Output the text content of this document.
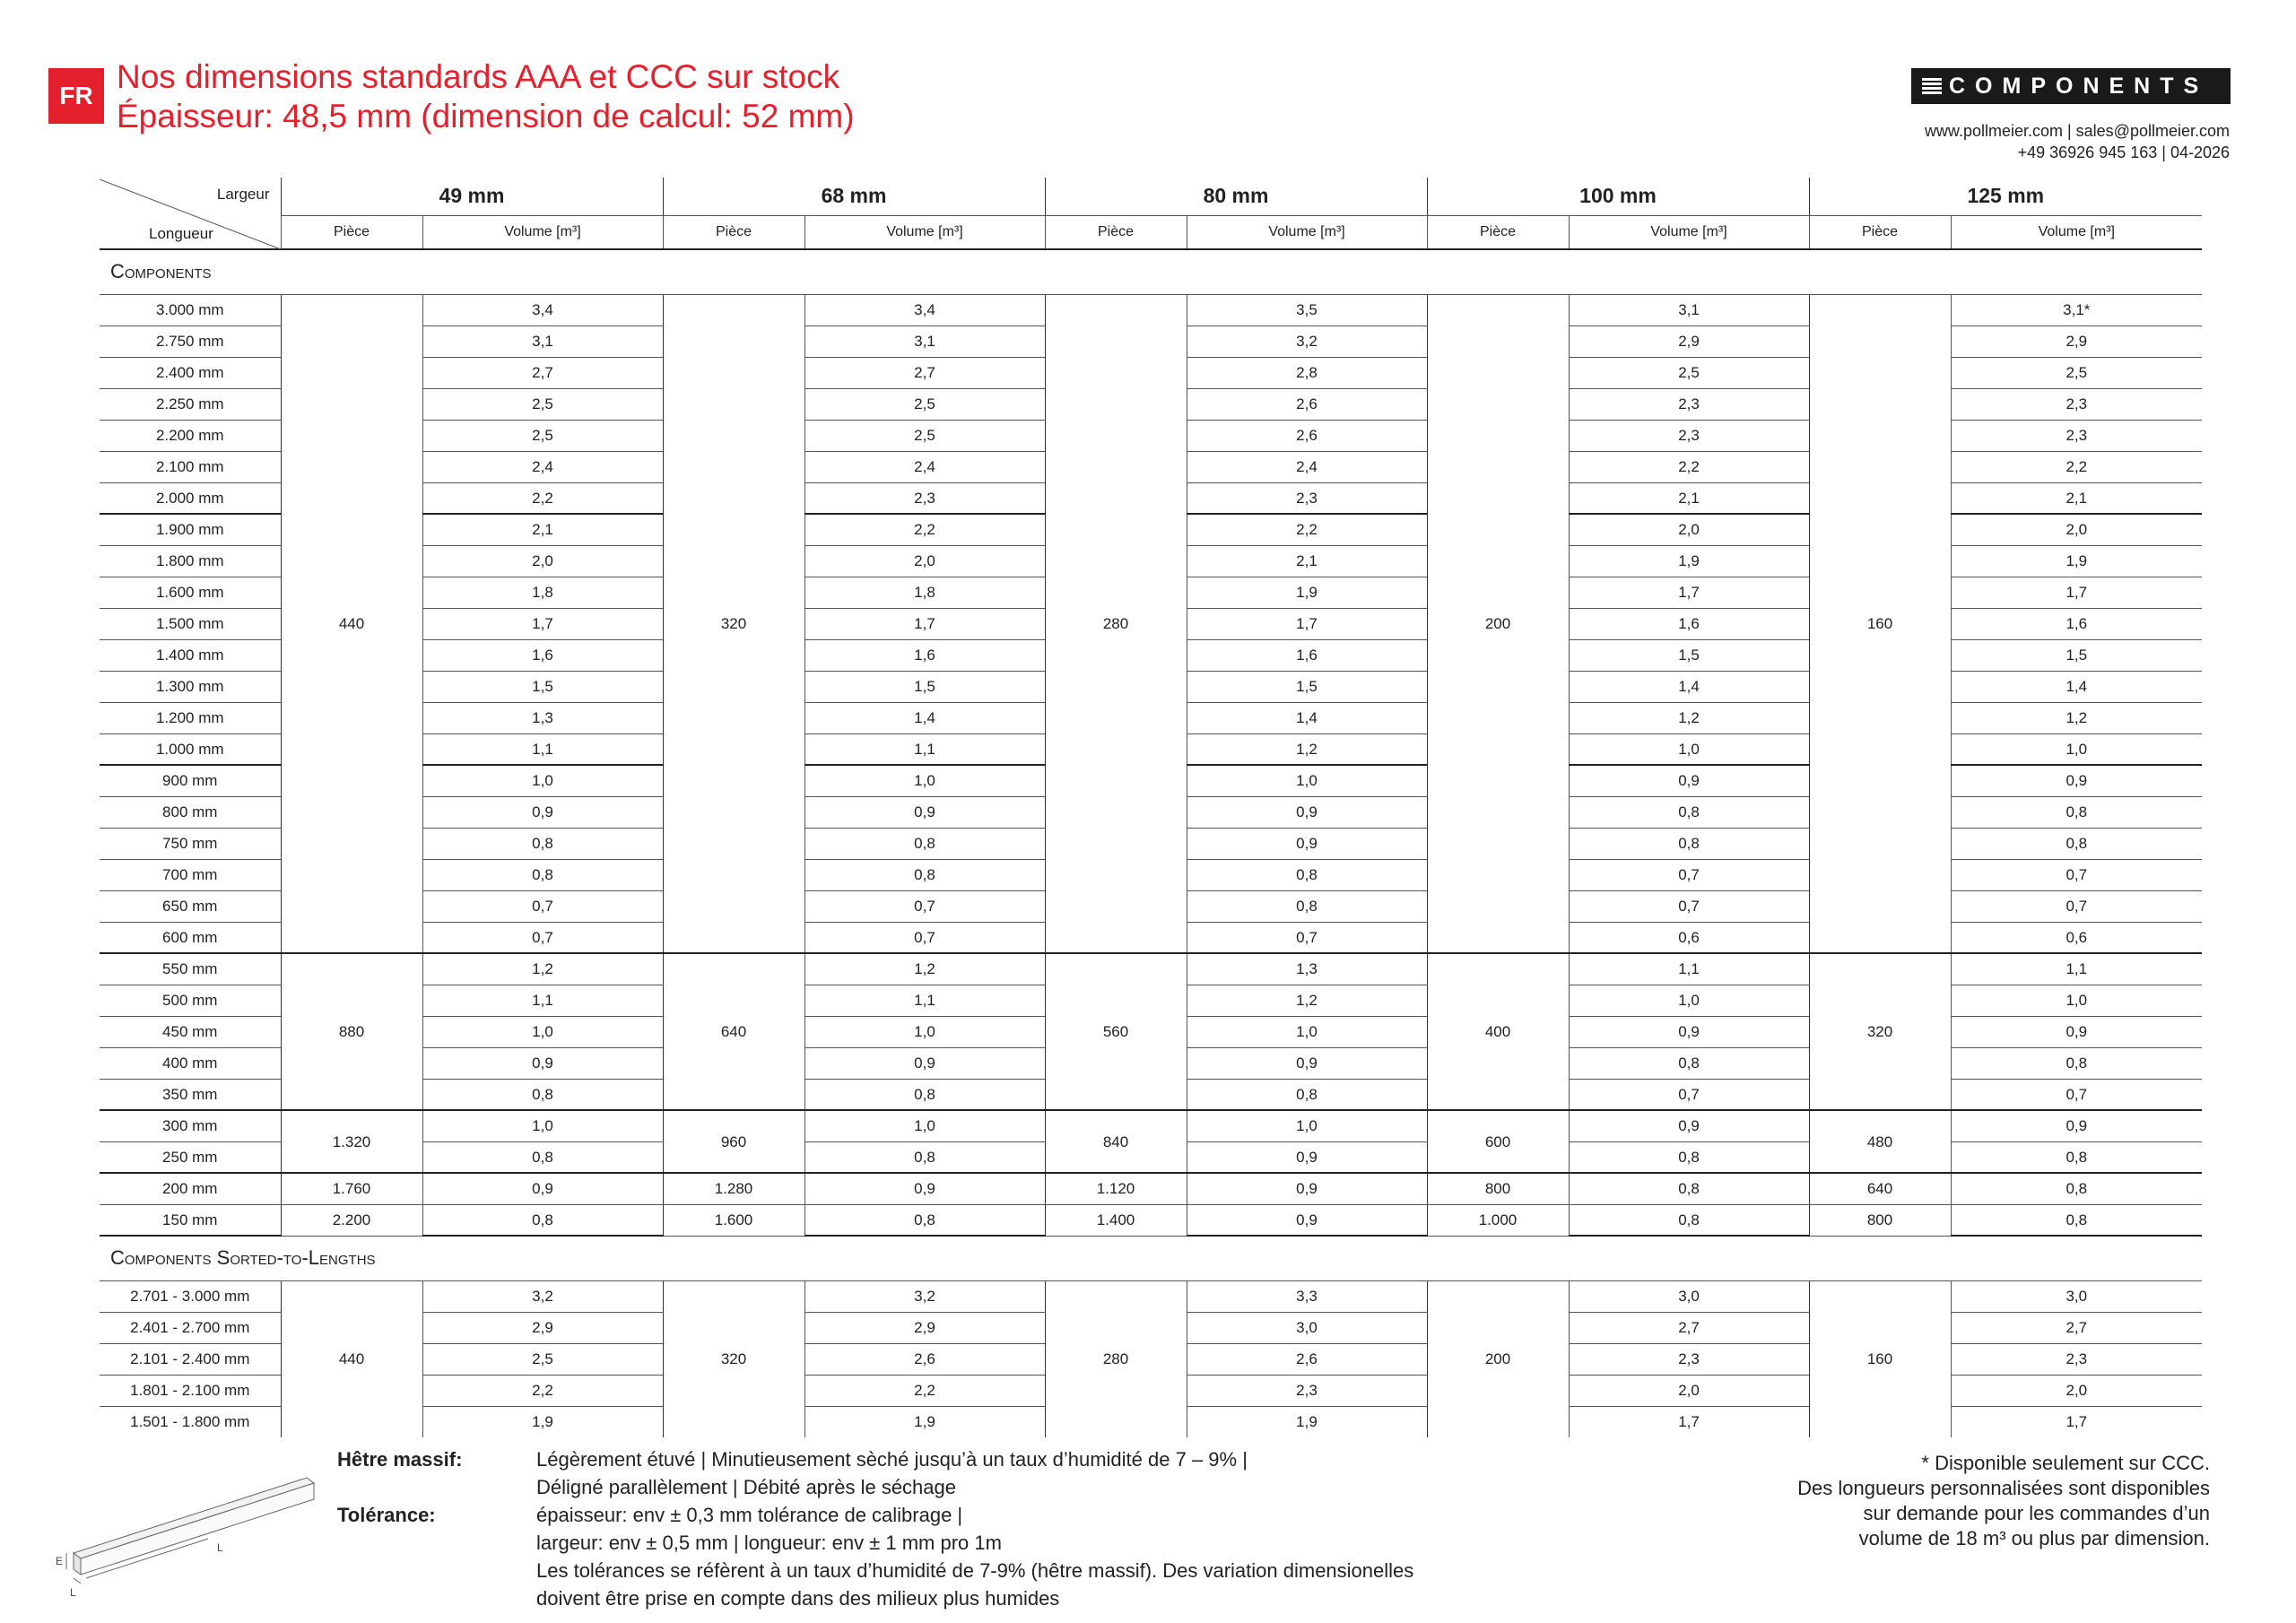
FR
Nos dimensions standards AAA et CCC sur stock
Épaisseur: 48,5 mm (dimension de calcul: 52 mm)
COMPONENTS
www.pollmeier.com | sales@pollmeier.com
+49 36926 945 163 | 04-2026
Largeur
Longueur	49 mm		68 mm		80 mm		100 mm		125 mm	
	Pièce	Volume [m³]	Pièce	Volume [m³]	Pièce	Volume [m³]	Pièce	Volume [m³]	Pièce	Volume [m³]
Components										
3.000 mm	440	3,4	320	3,4	280	3,5	200	3,1	160	3,1*
2.750 mm		3,1		3,1		3,2		2,9		2,9
2.400 mm		2,7		2,7		2,8		2,5		2,5
2.250 mm		2,5		2,5		2,6		2,3		2,3
2.200 mm		2,5		2,5		2,6		2,3		2,3
2.100 mm		2,4		2,4		2,4		2,2		2,2
2.000 mm		2,2		2,3		2,3		2,1		2,1
1.900 mm		2,1		2,2		2,2		2,0		2,0
1.800 mm		2,0		2,0		2,1		1,9		1,9
1.600 mm		1,8		1,8		1,9		1,7		1,7
1.500 mm		1,7		1,7		1,7		1,6		1,6
1.400 mm		1,6		1,6		1,6		1,5		1,5
1.300 mm		1,5		1,5		1,5		1,4		1,4
1.200 mm		1,3		1,4		1,4		1,2		1,2
1.000 mm		1,1		1,1		1,2		1,0		1,0
900 mm		1,0		1,0		1,0		0,9		0,9
800 mm		0,9		0,9		0,9		0,8		0,8
750 mm		0,8		0,8		0,9		0,8		0,8
700 mm		0,8		0,8		0,8		0,7		0,7
650 mm		0,7		0,7		0,8		0,7		0,7
600 mm		0,7		0,7		0,7		0,6		0,6
550 mm	880	1,2	640	1,2	560	1,3	400	1,1	320	1,1
500 mm		1,1		1,1		1,2		1,0		1,0
450 mm		1,0		1,0		1,0		0,9		0,9
400 mm		0,9		0,9		0,9		0,8		0,8
350 mm		0,8		0,8		0,8		0,7		0,7
300 mm	1.320	1,0	960	1,0	840	1,0	600	0,9	480	0,9
250 mm		0,8		0,8		0,9		0,8		0,8
200 mm	1.760	0,9	1.280	0,9	1.120	0,9	800	0,8	640	0,8
150 mm	2.200	0,8	1.600	0,8	1.400	0,9	1.000	0,8	800	0,8
Components Sorted-to-Lengths										
2.701 - 3.000 mm	440	3,2	320	3,2	280	3,3	200	3,0	160	3,0
2.401 - 2.700 mm		2,9		2,9		3,0		2,7		2,7
2.101 - 2.400 mm		2,5		2,6		2,6		2,3		2,3
1.801 - 2.100 mm		2,2		2,2		2,3		2,0		2,0
1.501 - 1.800 mm		1,9		1,9		1,9		1,7		1,7
E
L
L
Hêtre massif:	Légèrement étuvé | Minutieusement sèché jusqu’à un taux d’humidité de 7 – 9% |
Déligné parallèlement | Débité après le séchage
Tolérance:	épaisseur: env ± 0,3 mm tolérance de calibrage |
largeur: env ± 0,5 mm | longueur: env ± 1 mm pro 1m
Les tolérances se réfèrent à un taux d’humidité de 7-9% (hêtre massif). Des variation dimensionelles
doivent être prise en compte dans des milieux plus humides
* Disponible seulement sur CCC.
Des longueurs personnalisées sont disponibles
sur demande pour les commandes d’un
volume de 18 m³ ou plus par dimension.
